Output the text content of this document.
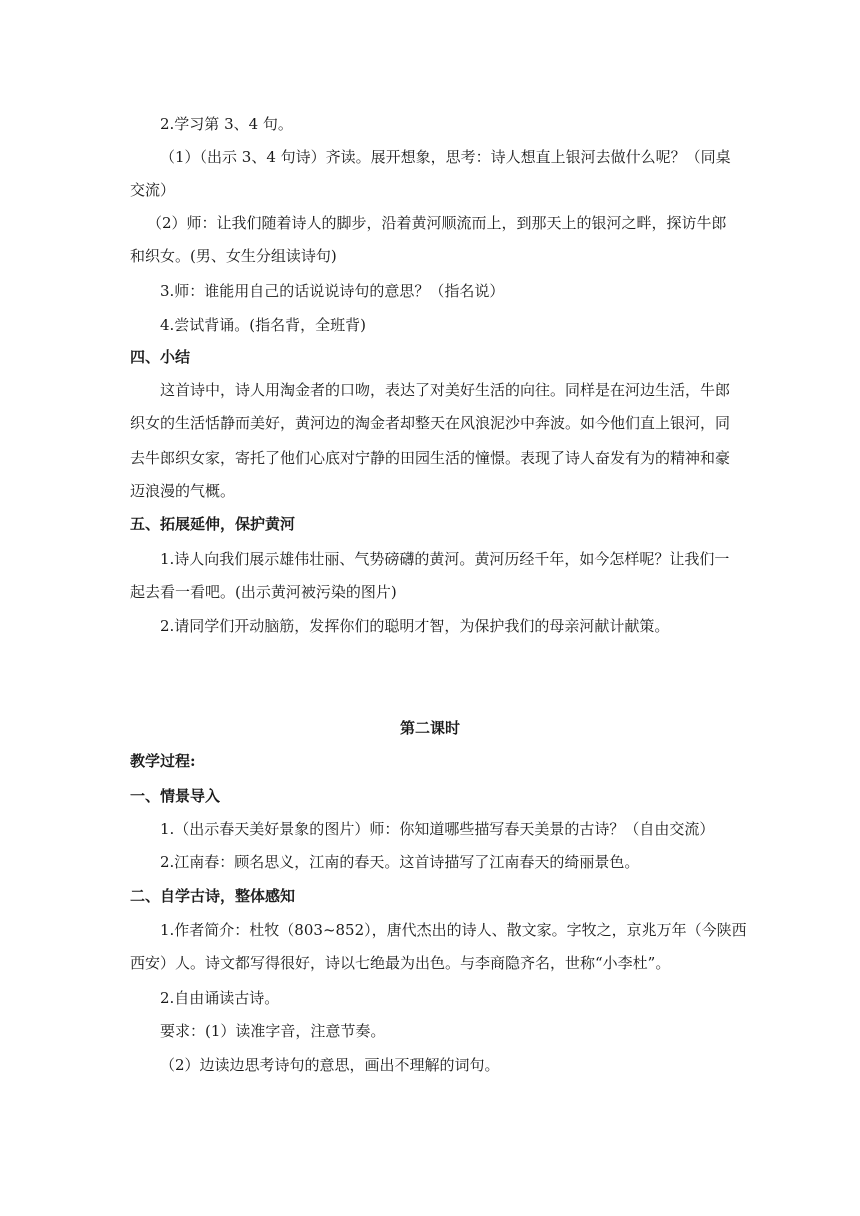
2.学习第 3、4 句。
（1）（出示 3、4 句诗）齐读。展开想象，思考：诗人想直上银河去做什么呢？（同桌
交流）
（2）师：让我们随着诗人的脚步，沿着黄河顺流而上，到那天上的银河之畔，探访牛郎
和织女。(男、女生分组读诗句)
3.师：谁能用自己的话说说诗句的意思？（指名说）
4.尝试背诵。(指名背，全班背)
四、小结
这首诗中，诗人用淘金者的口吻，表达了对美好生活的向往。同样是在河边生活，牛郎
织女的生活恬静而美好，黄河边的淘金者却整天在风浪泥沙中奔波。如今他们直上银河，同
去牛郎织女家，寄托了他们心底对宁静的田园生活的憧憬。表现了诗人奋发有为的精神和豪
迈浪漫的气概。
五、拓展延伸，保护黄河
1.诗人向我们展示雄伟壮丽、气势磅礴的黄河。黄河历经千年，如今怎样呢？让我们一
起去看一看吧。(出示黄河被污染的图片)
2.请同学们开动脑筋，发挥你们的聪明才智，为保护我们的母亲河献计献策。
第二课时
教学过程:
一、情景导入
1.（出示春天美好景象的图片）师：你知道哪些描写春天美景的古诗？（自由交流）
2.江南春：顾名思义，江南的春天。这首诗描写了江南春天的绮丽景色。
二、自学古诗，整体感知
1.作者简介：杜牧（803~852），唐代杰出的诗人、散文家。字牧之，京兆万年（今陕西
西安）人。诗文都写得很好，诗以七绝最为出色。与李商隐齐名，世称“小李杜”。
2.自由诵读古诗。
要求：(1）读准字音，注意节奏。
（2）边读边思考诗句的意思，画出不理解的词句。
